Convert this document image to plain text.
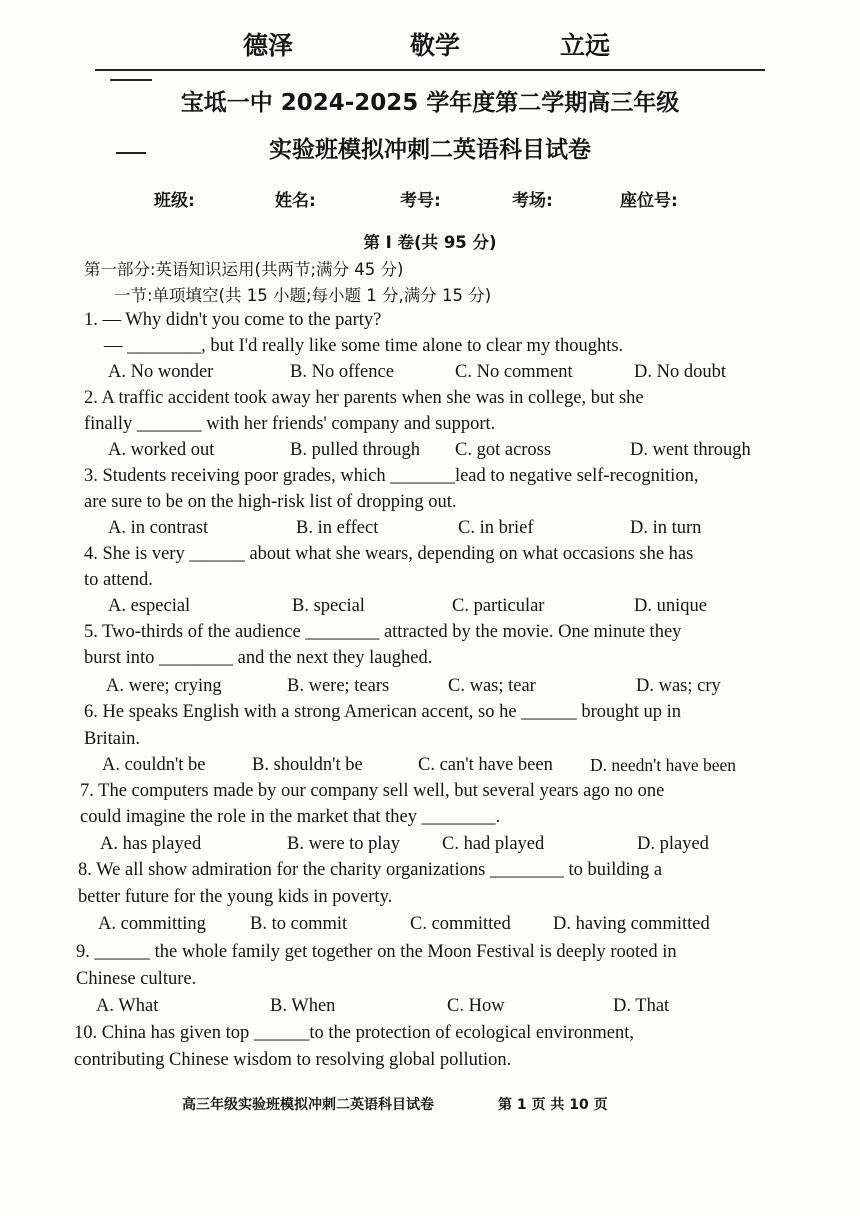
德泽	敬学	立远
宝坻一中 2024-2025 学年度第二学期高三年级
实验班模拟冲刺二英语科目试卷
班级:	姓名:	考号:	考场:	座位号:
第 I 卷(共 95 分)
第一部分:英语知识运用(共两节;满分 45 分)
一节:单项填空(共 15 小题;每小题 1 分,满分 15 分)
1. — Why didn't you come to the party?
— ________, but I'd really like some time alone to clear my thoughts.
A. No wonder	B. No offence	C. No comment	D. No doubt
2. A traffic accident took away her parents when she was in college, but she
finally _______ with her friends' company and support.
A. worked out	B. pulled through C. got across	D. went through
3. Students receiving poor grades, which _______lead to negative self-recognition,
are sure to be on the high-risk list of dropping out.
A. in contrast	B. in effect	C. in brief	D. in turn
4. She is very ______ about what she wears, depending on what occasions she has
to attend.
A. especial	B. special	C. particular	D. unique
5. Two-thirds of the audience ________ attracted by the movie. One minute they
burst into ________ and the next they laughed.
A. were; crying	B. were; tears	C. was; tear	D. was; cry
6. He speaks English with a strong American accent, so he ______ brought up in
Britain.
A. couldn't be	B. shouldn't be	C. can't have been D. needn't have been
7. The computers made by our company sell well, but several years ago no one
could imagine the role in the market that they ________.
A. has played	B. were to play C. had played	D. played
8. We all show admiration for the charity organizations ________ to building a
better future for the young kids in poverty.
A. committing B. to commit	C. committed D. having committed
9. ______ the whole family get together on the Moon Festival is deeply rooted in
Chinese culture.
A. What	B. When	C. How	D. That
10. China has given top ______to the protection of ecological environment,
contributing Chinese wisdom to resolving global pollution.
高三年级实验班模拟冲刺二英语科目试卷	第 1 页 共 10 页
